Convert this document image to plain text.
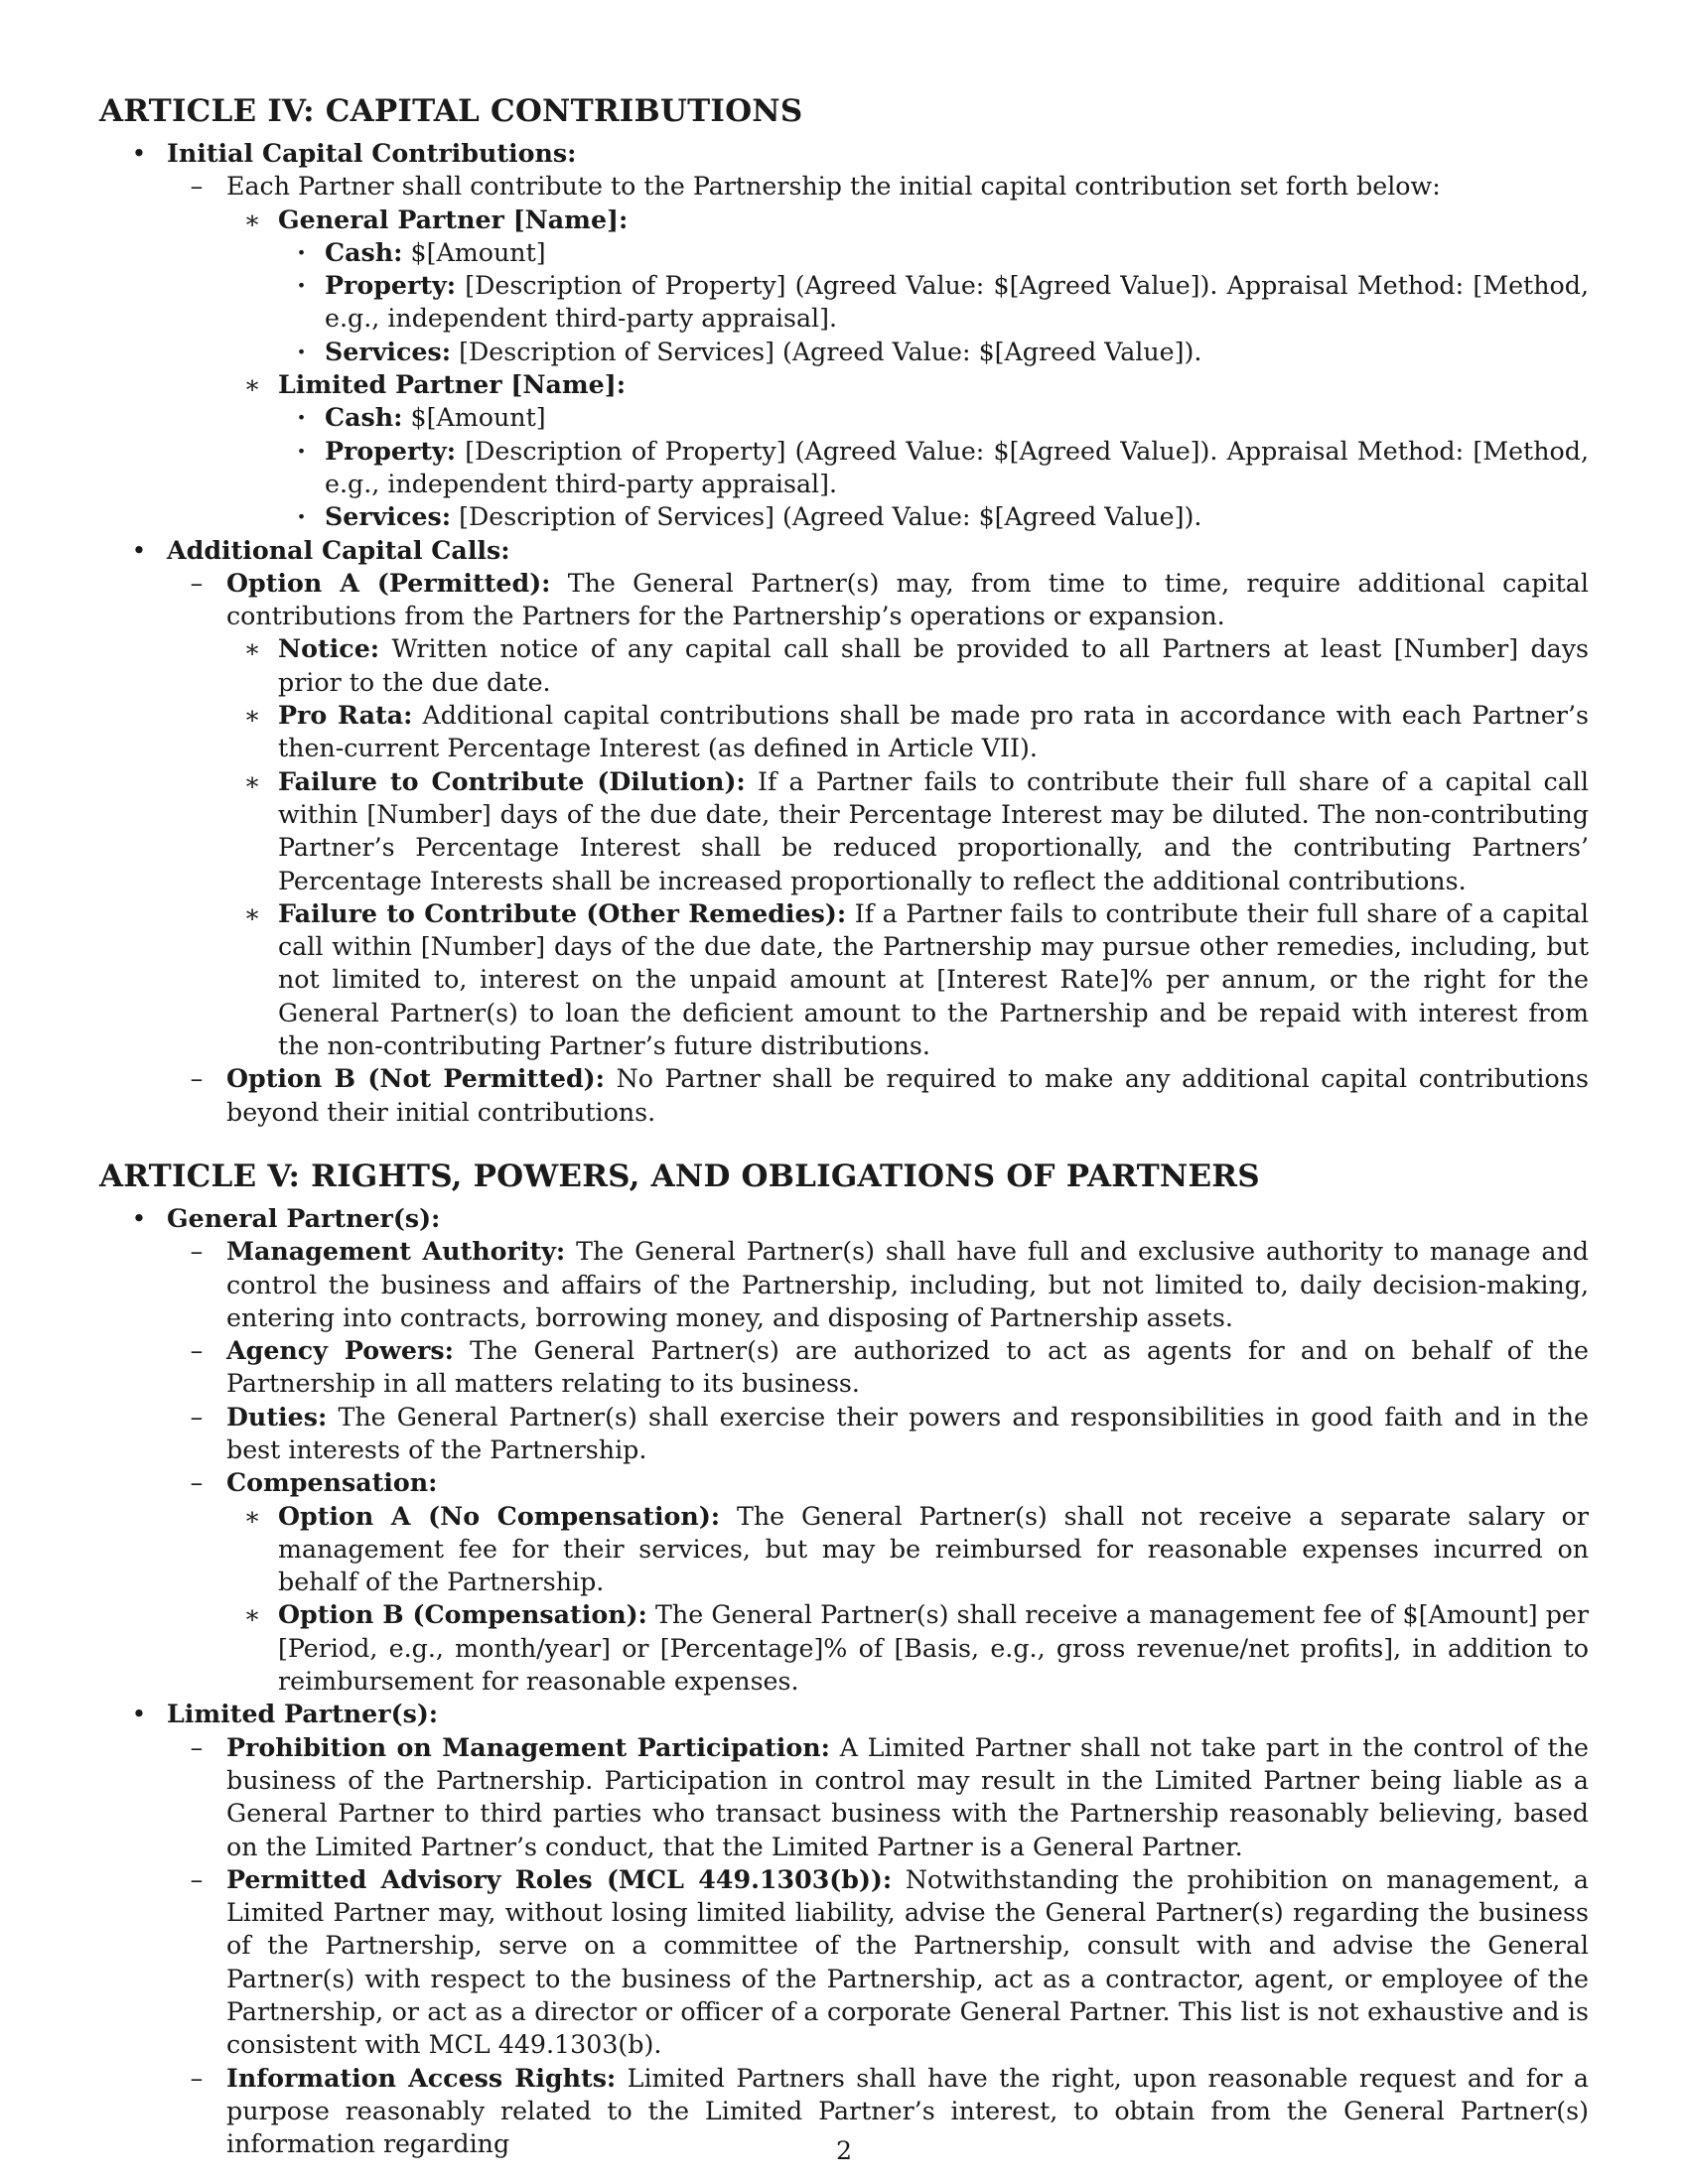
ARTICLE IV: CAPITAL CONTRIBUTIONS
• Initial Capital Contributions:
– Each Partner shall contribute to the Partnership the initial capital contribution set forth below:
∗ General Partner [Name]:
· Cash: $[Amount]
· Property: [Description of Property] (Agreed Value: $[Agreed Value]). Appraisal Method: [Method, e.g., independent third-party appraisal].
· Services: [Description of Services] (Agreed Value: $[Agreed Value]).
∗ Limited Partner [Name]:
· Cash: $[Amount]
· Property: [Description of Property] (Agreed Value: $[Agreed Value]). Appraisal Method: [Method, e.g., independent third-party appraisal].
· Services: [Description of Services] (Agreed Value: $[Agreed Value]).
• Additional Capital Calls:
– Option A (Permitted): The General Partner(s) may, from time to time, require additional capital contributions from the Partners for the Partnership’s operations or expansion.
∗ Notice: Written notice of any capital call shall be provided to all Partners at least [Number] days prior to the due date.
∗ Pro Rata: Additional capital contributions shall be made pro rata in accordance with each Partner’s then-current Percentage Interest (as defined in Article VII).
∗ Failure to Contribute (Dilution): If a Partner fails to contribute their full share of a capital call within [Number] days of the due date, their Percentage Interest may be diluted. The non-contributing Partner’s Percentage Interest shall be reduced proportionally, and the contributing Partners’ Percentage Interests shall be increased proportionally to reflect the additional contributions.
∗ Failure to Contribute (Other Remedies): If a Partner fails to contribute their full share of a capital call within [Number] days of the due date, the Partnership may pursue other remedies, including, but not limited to, interest on the unpaid amount at [Interest Rate]% per annum, or the right for the General Partner(s) to loan the deficient amount to the Partnership and be repaid with interest from the non-contributing Partner’s future distributions.
– Option B (Not Permitted): No Partner shall be required to make any additional capital contributions beyond their initial contributions.
ARTICLE V: RIGHTS, POWERS, AND OBLIGATIONS OF PARTNERS
• General Partner(s):
– Management Authority: The General Partner(s) shall have full and exclusive authority to manage and control the business and affairs of the Partnership, including, but not limited to, daily decision-making, entering into contracts, borrowing money, and disposing of Partnership assets.
– Agency Powers: The General Partner(s) are authorized to act as agents for and on behalf of the Partnership in all matters relating to its business.
– Duties: The General Partner(s) shall exercise their powers and responsibilities in good faith and in the best interests of the Partnership.
– Compensation:
∗ Option A (No Compensation): The General Partner(s) shall not receive a separate salary or management fee for their services, but may be reimbursed for reasonable expenses incurred on behalf of the Partnership.
∗ Option B (Compensation): The General Partner(s) shall receive a management fee of $[Amount] per [Period, e.g., month/year] or [Percentage]% of [Basis, e.g., gross revenue/net profits], in addition to reimbursement for reasonable expenses.
• Limited Partner(s):
– Prohibition on Management Participation: A Limited Partner shall not take part in the control of the business of the Partnership. Participation in control may result in the Limited Partner being liable as a General Partner to third parties who transact business with the Partnership reasonably believing, based on the Limited Partner’s conduct, that the Limited Partner is a General Partner.
– Permitted Advisory Roles (MCL 449.1303(b)): Notwithstanding the prohibition on management, a Limited Partner may, without losing limited liability, advise the General Partner(s) regarding the business of the Partnership, serve on a committee of the Partnership, consult with and advise the General Partner(s) with respect to the business of the Partnership, act as a contractor, agent, or employee of the Partnership, or act as a director or officer of a corporate General Partner. This list is not exhaustive and is consistent with MCL 449.1303(b).
– Information Access Rights: Limited Partners shall have the right, upon reasonable request and for a purpose reasonably related to the Limited Partner’s interest, to obtain from the General Partner(s) information regarding	2
